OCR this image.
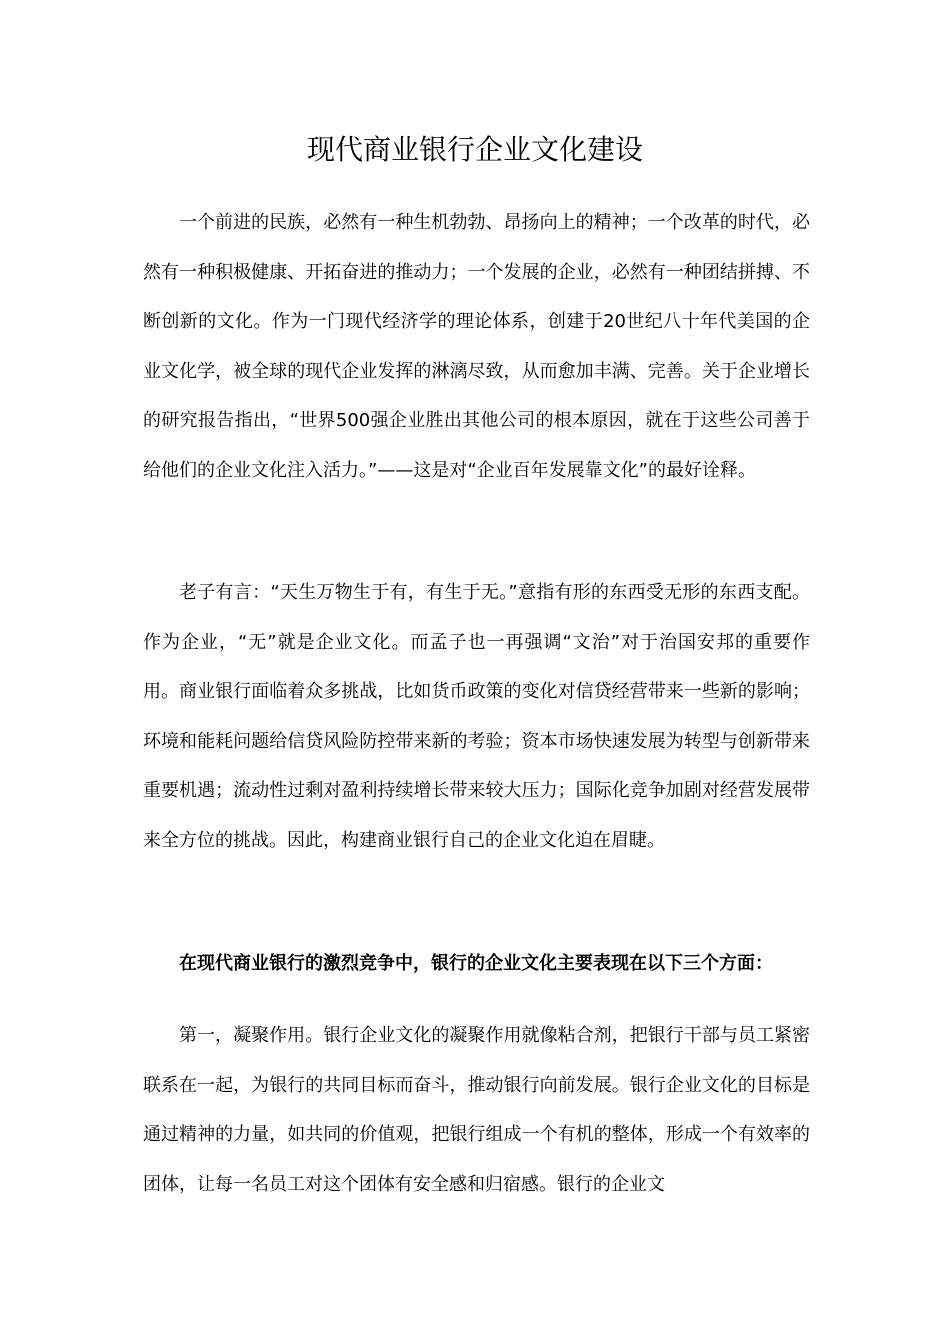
现代商业银行企业文化建设

一个前进的民族，必然有一种生机勃勃、昂扬向上的精神；一个改革的时代，必然有一种积极健康、开拓奋进的推动力；一个发展的企业，必然有一种团结拼搏、不断创新的文化。作为一门现代经济学的理论体系，创建于20世纪八十年代美国的企业文化学，被全球的现代企业发挥的淋漓尽致，从而愈加丰满、完善。关于企业增长的研究报告指出，“世界500强企业胜出其他公司的根本原因，就在于这些公司善于给他们的企业文化注入活力。”——这是对“企业百年发展靠文化”的最好诠释。

老子有言：“天生万物生于有，有生于无。”意指有形的东西受无形的东西支配。作为企业，“无”就是企业文化。而孟子也一再强调“文治”对于治国安邦的重要作用。商业银行面临着众多挑战，比如货币政策的变化对信贷经营带来一些新的影响；环境和能耗问题给信贷风险防控带来新的考验；资本市场快速发展为转型与创新带来重要机遇；流动性过剩对盈利持续增长带来较大压力；国际化竞争加剧对经营发展带来全方位的挑战。因此，构建商业银行自己的企业文化迫在眉睫。

在现代商业银行的激烈竞争中，银行的企业文化主要表现在以下三个方面：

第一，凝聚作用。银行企业文化的凝聚作用就像粘合剂，把银行干部与员工紧密联系在一起，为银行的共同目标而奋斗，推动银行向前发展。银行企业文化的目标是通过精神的力量，如共同的价值观，把银行组成一个有机的整体，形成一个有效率的团体，让每一名员工对这个团体有安全感和归宿感。银行的企业文
